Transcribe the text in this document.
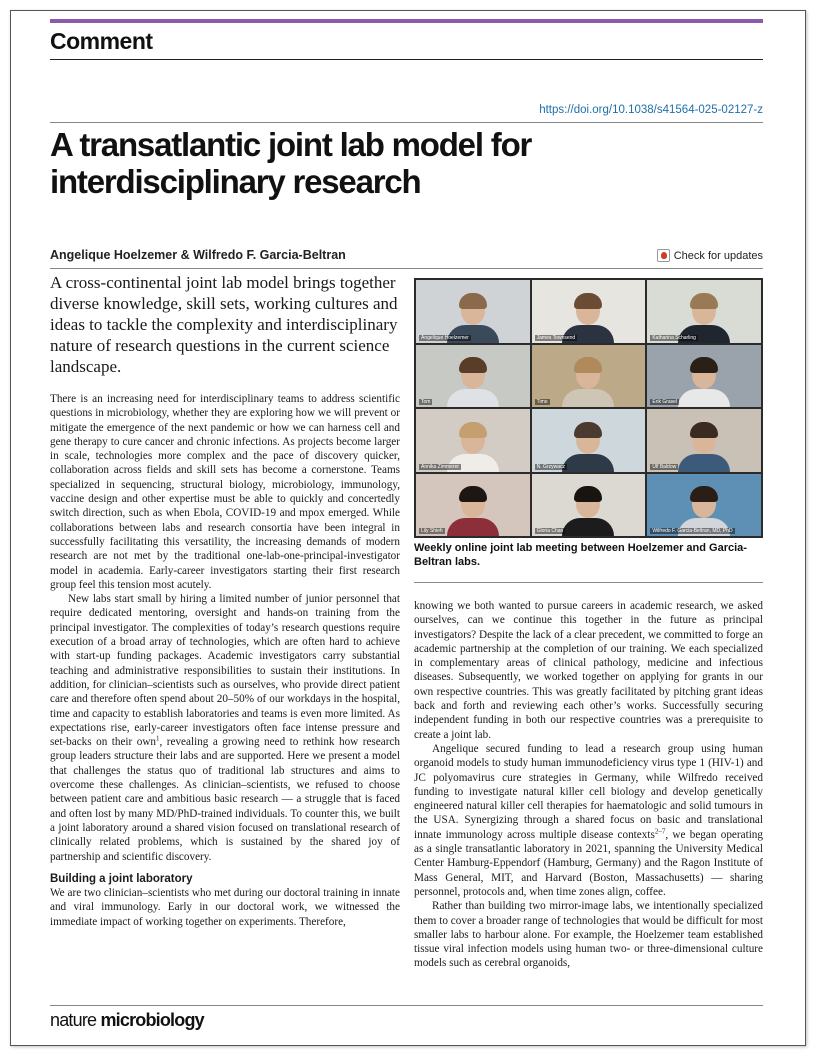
Comment
https://doi.org/10.1038/s41564-025-02127-z
A transatlantic joint lab model for interdisciplinary research
Angelique Hoelzemer & Wilfredo F. Garcia-Beltran	Check for updates

A cross-continental joint lab model brings together diverse knowledge, skill sets, working cultures and ideas to tackle the complexity and interdisciplinary nature of research questions in the current science landscape.

There is an increasing need for interdisciplinary teams to address scientific questions in microbiology, whether they are exploring how we will prevent or mitigate the emergence of the next pandemic or how we can harness cell and gene therapy to cure cancer and chronic infections. As projects become larger in scale, technologies more complex and the pace of discovery quicker, collaboration across fields and skill sets has become a cornerstone. Teams specialized in sequencing, structural biology, microbiology, immunology, vaccine design and other expertise must be able to quickly and concertedly switch direction, such as when Ebola, COVID-19 and mpox emerged. While collaborations between labs and research consortia have been integral in successfully facilitating this versatility, the increasing demands of modern research are not met by the traditional one-lab-one-principal-investigator model in academia. Early-career investigators starting their first research group feel this tension most acutely.

New labs start small by hiring a limited number of junior personnel that require dedicated mentoring, oversight and hands-on training from the principal investigator. The complexities of today’s research questions require execution of a broad array of technologies, which are often hard to achieve with start-up funding packages. Academic investigators carry substantial teaching and administrative responsibilities to sustain their institutions. In addition, for clinician–scientists such as ourselves, who provide direct patient care and therefore often spend about 20–50% of our workdays in the hospital, time and capacity to establish laboratories and teams is even more limited. As expectations rise, early-career investigators often face intense pressure and set-backs on their own$^1$, revealing a growing need to rethink how research group leaders structure their labs and are supported. Here we present a model that challenges the status quo of traditional lab structures and aims to overcome these challenges. As clinician–scientists, we refused to choose between patient care and ambitious basic research — a struggle that is faced and often lost by many MD/PhD-trained individuals. To counter this, we built a joint laboratory around a shared vision focused on translational research of clinically related problems, which is sustained by the shared joy of partnership and scientific discovery.

Building a joint laboratory

We are two clinician–scientists who met during our doctoral training in innate and viral immunology. Early in our doctoral work, we witnessed the immediate impact of working together on experiments. Therefore,

Angelique Hoelzemer	James Townsend	Katharina Scharling
Tom	Timo	Erik Grasel
Annika Zimmerer	N. Grzywacz	Ulf Baldow
Lily Shieh	Gloria Chan	Wilfredo F. Garcia-Beltran, MD, PhD
Weekly online joint lab meeting between Hoelzemer and Garcia-Beltran labs.

knowing we both wanted to pursue careers in academic research, we asked ourselves, can we continue this together in the future as principal investigators? Despite the lack of a clear precedent, we committed to forge an academic partnership at the completion of our training. We each specialized in complementary areas of clinical pathology, medicine and infectious diseases. Subsequently, we worked together on applying for grants in our own respective countries. This was greatly facilitated by pitching grant ideas back and forth and reviewing each other’s works. Successfully securing independent funding in both our respective countries was a prerequisite to create a joint lab.

Angelique secured funding to lead a research group using human organoid models to study human immunodeficiency virus type 1 (HIV-1) and JC polyomavirus cure strategies in Germany, while Wilfredo received funding to investigate natural killer cell biology and develop genetically engineered natural killer cell therapies for haematologic and solid tumours in the USA. Synergizing through a shared focus on basic and translational innate immunology across multiple disease contexts$^{2-7}$, we began operating as a single transatlantic laboratory in 2021, spanning the University Medical Center Hamburg-Eppendorf (Hamburg, Germany) and the Ragon Institute of Mass General, MIT, and Harvard (Boston, Massachusetts) — sharing personnel, protocols and, when time zones align, coffee.

Rather than building two mirror-image labs, we intentionally specialized them to cover a broader range of technologies that would be difficult for most smaller labs to harbour alone. For example, the Hoelzemer team established tissue viral infection models using human two- or three-dimensional culture models such as cerebral organoids,

nature microbiology
